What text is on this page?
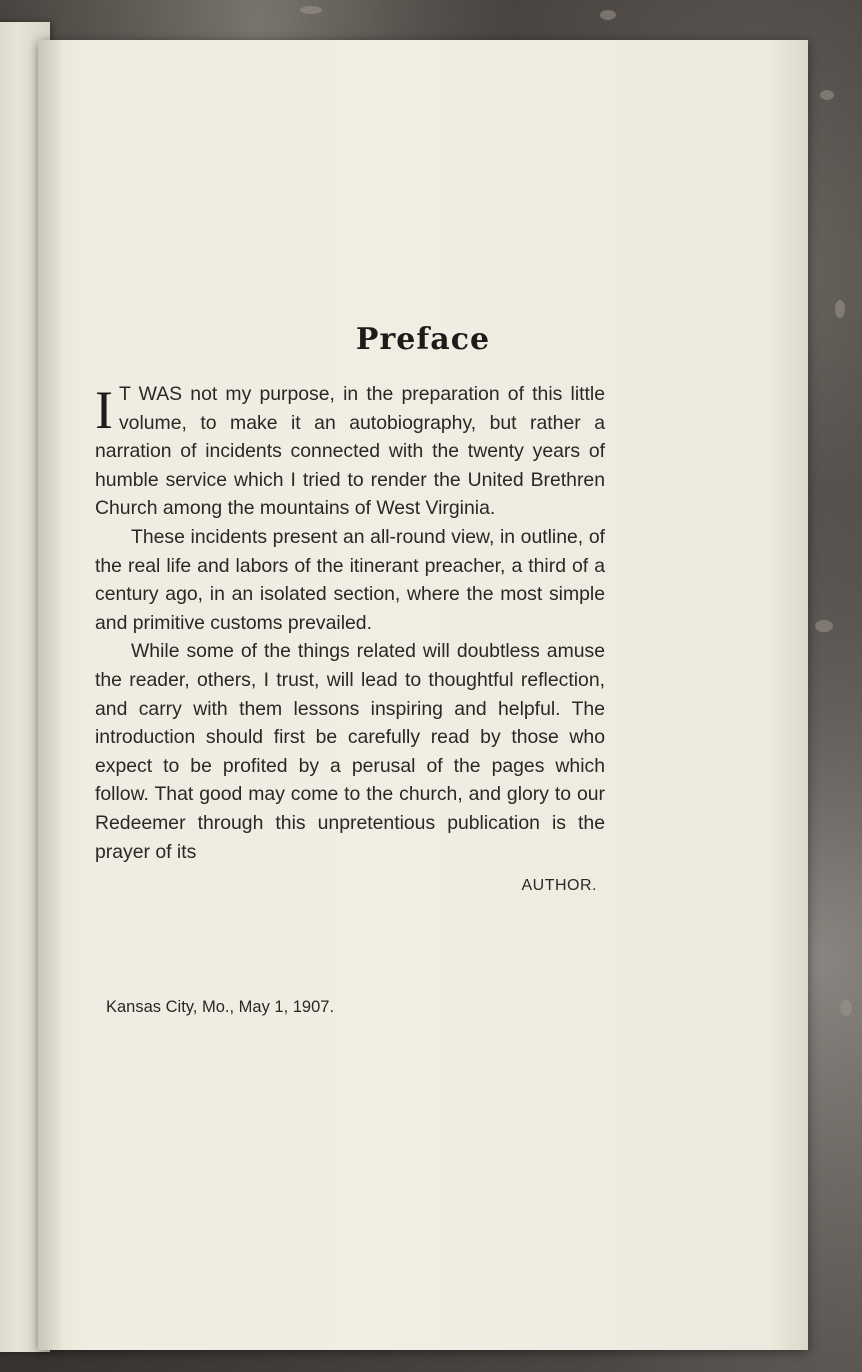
Preface

I T WAS not my purpose, in the preparation of this little volume, to make it an autobiography, but rather a narration of incidents connected with the twenty years of humble service which I tried to render the United Brethren Church among the mountains of West Virginia.

These incidents present an all-round view, in outline, of the real life and labors of the itinerant preacher, a third of a century ago, in an isolated section, where the most simple and primitive customs prevailed.

While some of the things related will doubtless amuse the reader, others, I trust, will lead to thoughtful reflection, and carry with them lessons inspiring and helpful. The introduction should first be carefully read by those who expect to be profited by a perusal of the pages which follow. That good may come to the church, and glory to our Redeemer through this unpretentious publication is the prayer of its

AUTHOR.
Kansas City, Mo., May 1, 1907.
